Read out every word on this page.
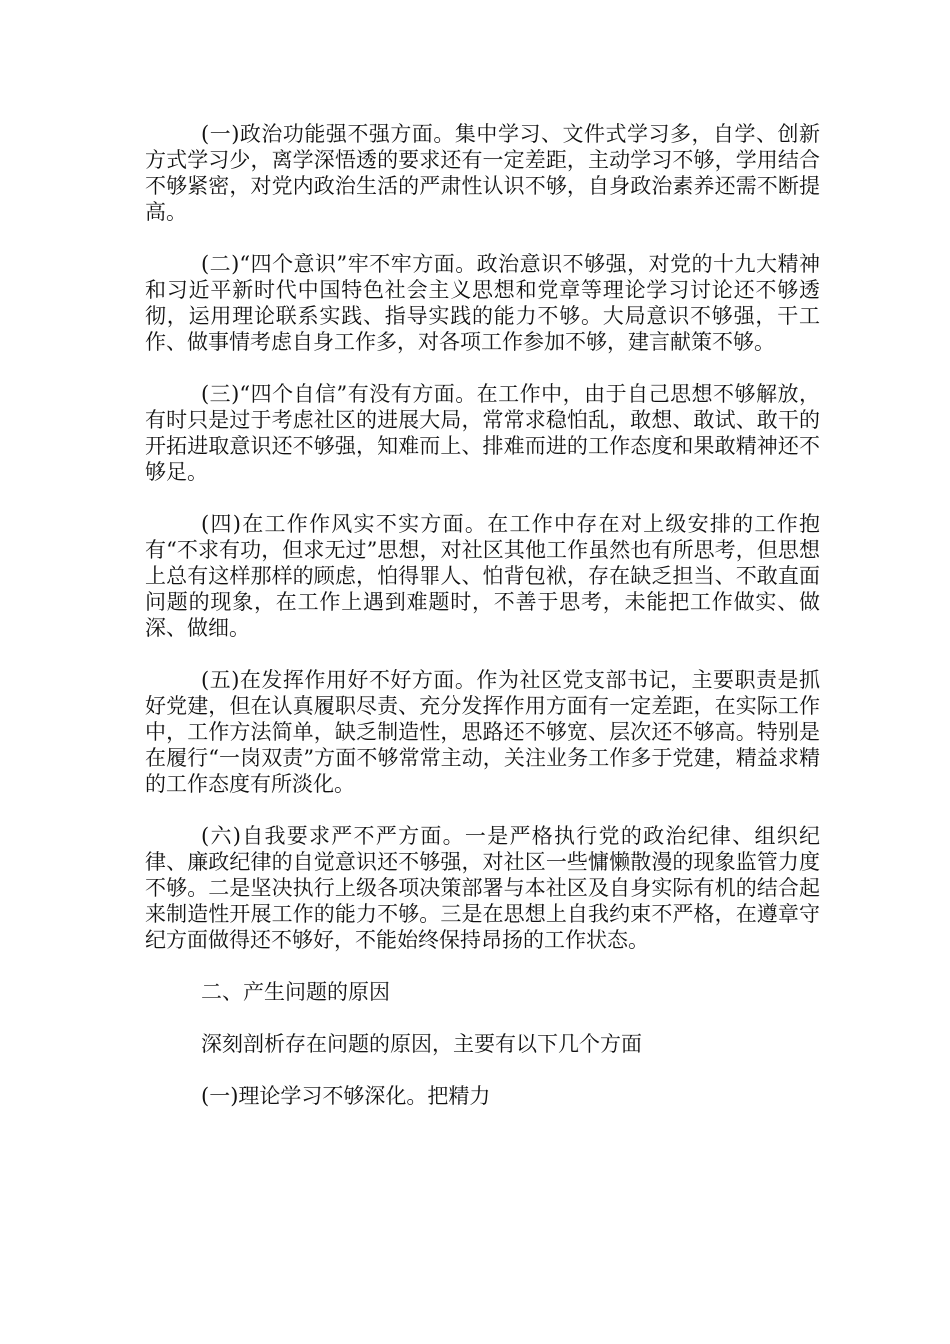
(一)政治功能强不强方面。集中学习、文件式学习多，自学、创新方式学习少，离学深悟透的要求还有一定差距，主动学习不够，学用结合不够紧密，对党内政治生活的严肃性认识不够，自身政治素养还需不断提高。

(二)“四个意识”牢不牢方面。政治意识不够强，对党的十九大精神和习近平新时代中国特色社会主义思想和党章等理论学习讨论还不够透彻，运用理论联系实践、指导实践的能力不够。大局意识不够强，干工作、做事情考虑自身工作多，对各项工作参加不够，建言献策不够。

(三)“四个自信”有没有方面。在工作中，由于自己思想不够解放，有时只是过于考虑社区的进展大局，常常求稳怕乱，敢想、敢试、敢干的开拓进取意识还不够强，知难而上、排难而进的工作态度和果敢精神还不够足。

(四)在工作作风实不实方面。在工作中存在对上级安排的工作抱有“不求有功，但求无过”思想，对社区其他工作虽然也有所思考，但思想上总有这样那样的顾虑，怕得罪人、怕背包袱，存在缺乏担当、不敢直面问题的现象，在工作上遇到难题时，不善于思考，未能把工作做实、做深、做细。

(五)在发挥作用好不好方面。作为社区党支部书记，主要职责是抓好党建，但在认真履职尽责、充分发挥作用方面有一定差距，在实际工作中，工作方法简单，缺乏制造性，思路还不够宽、层次还不够高。特别是在履行“一岗双责”方面不够常常主动，关注业务工作多于党建，精益求精的工作态度有所淡化。

(六)自我要求严不严方面。一是严格执行党的政治纪律、组织纪律、廉政纪律的自觉意识还不够强，对社区一些慵懒散漫的现象监管力度不够。二是坚决执行上级各项决策部署与本社区及自身实际有机的结合起来制造性开展工作的能力不够。三是在思想上自我约束不严格，在遵章守纪方面做得还不够好，不能始终保持昂扬的工作状态。

二、产生问题的原因

深刻剖析存在问题的原因，主要有以下几个方面

(一)理论学习不够深化。把精力
